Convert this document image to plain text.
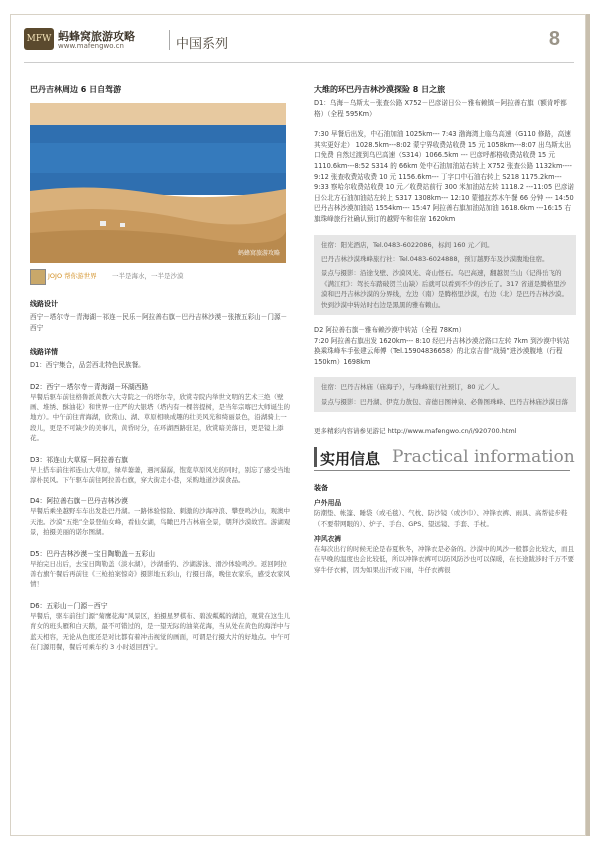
MFW 蚂蜂窝旅游攻略
www.mafengwo.cn	中国系列	8

巴丹吉林周边 6 日自驾游

蚂蜂窝旅游攻略
JOJO 帮你游世界 一半是海水，一半是沙漠

线路设计

西宁－塔尔寺－青海湖－祁连－民乐－阿拉善右旗－巴丹吉林沙漠－张掖五彩山－门源－西宁

线路详情

D1：西宁集合，品尝西北特色民族餐。

D2：西宁－塔尔寺－青海湖－环湖西路

早餐后驱车前往格鲁派黄教六大寺院之一的塔尔寺，欣赏寺院内举世文明的艺术三绝（壁画、堆绣、酥油花）和世界一庄严的大银塔（塔内有一棵菩提树，是当年宗喀巴大师诞生的地方）。中午前往青海湖，欣赏山、湖、草原相映成趣的壮美风光和绮丽景色，沿湖骑上一段儿，更是不可缺少的美事儿，黄昏时分，在环湖西路驻足，欣赏暗美落日，更是镜上添花。

D3：祁连山大草原－阿拉善右旗

早上搭车前往祁连山大草原，绿草萋萋，遇河潺潺，饱览草原风光的同时，别忘了感受当地淳朴民风。下午驱车前往阿拉善右旗，穿大街走小巷，采购地道沙漠食品。

D4：阿拉善右旗－巴丹吉林沙漠

早餐后乘坐越野车车出发赴巴丹湖。一路体验惊险、刺激的沙海冲浪、攀登鸣沙山，观澳中天池。沙漠“五绝”全景登仙女峰，看仙女湖，鸟瞰巴丹吉林庙全景，朝拜沙漠故宫。游湖观景，拍摄美丽的诺尔图湖。

D5：巴丹吉林沙漠－宝日陶勒盖－五彩山

早拍完日出后，去宝日陶勒盖（淡水湖），沙湖垂钓、沙湖游泳、滑沙体验鸣沙。返回阿拉善右旗午餐后再前往《三枪拍案惊奇》摄影地五彩山，行摄日落，晚住农家乐，感受农家风情！

D6：五彩山－门源－西宁

早餐后，驱车前往门源“菊鹰花海”风景区，拍摄星罗棋布、碧波粼粼的湖泊，观赏在这生儿育女的班头雁和白天鹅，最不可错过的，是一望无际的油菜花海，当从处在黄色的海洋中与蓝天相容，无论从色度还是对比都有着冲击视觉的画面，可谓是行摄大片的好地点。中午可在门源用餐，餐后可乘车约 3 小时返回西宁。

大维的环巴丹吉林沙漠探险 8 日之旅

D1：乌海－乌斯太－张查公路 X752－巴彦诺日公－雅布赖镇－阿拉善右旗（额肯呼都格）（全程 595Km）

7:30 早餐后出发，中石油加油 1025km--- 7:43 渤海湾上临乌高速（G110 修路，高速其实更好走） 1028.5km---8:02 蒙宁界收费站收费 15 元 1058km---8:07 出乌斯太出口免费 自然过渡到乌巴高速（S314）1066.5km --- 巴彦呼都格收费站收费 15 元 1110.6km---8:52 S314 的 66km 处中石油加油站右转上 X752 张查公路 1132km---- 9:12 张查收费站收费 10 元 1156.6km--- 丁字口中石油右转上 S218 1175.2km--- 9:33 察哈尔收费站收费 10 元／收费站前行 300 米加油站左转 1118.2 ---11:05 巴彦诺日公北方石油加油站左转上 S317 1308km--- 12:10 蒙德拉苏木午餐 66 分钟 --- 14:50 巴丹吉林沙漠加油站 1554km--- 15:47 阿拉善右旗加油站加油 1618.6km ---16:15 右旗珠峰旅行社确认预订的越野车和住宿 1620km

住宿：阳光酒店，Tel.0483-6022086，标间 160 元／间。

巴丹吉林沙漠珠峰旅行社：Tel.0483-6024888，预订越野车及沙漠腹地住宿。

景点与摄影：沿途戈壁、沙漠风光、奇山怪石。乌巴高速，翻越贺兰山（记得岳飞的《满江红》：驾长车踏破贺兰山缺）后就可以看到不少的沙丘了。317 省道是腾格里沙漠和巴丹吉林沙漠的分界线，左边（南）是腾格里沙漠，右边（北）是巴丹吉林沙漠。快到沙漠中转站时右边是黑黑的雅布赖山。

D2 阿拉善右旗－雅布赖沙漠中转站（全程 78Km）

7:20 阿拉善右旗出发 1620km--- 8:10 经巴丹吉林沙漠岔路口左转 7km 到沙漠中转站换乘珠峰车手张建云师傅（Tel.15904836658）的北京吉普“战骑”进沙漠腹地（行程 150km）1698km

住宿：巴丹吉林庙（庙海子），与珠峰旅行社预订，80 元／人。

景点与摄影：巴丹湖、伊克力敖包、音德日图神泉、必鲁图珠峰、巴丹吉林庙沙漠日落

更多精彩内容请参见游记 http://www.mafengwo.cn/i/920700.html

实用信息 Practical information

装备

户外用品

防潮垫、帐篷、睡袋（或毛毯）、气枕、防沙镜（或沙巾）、冲锋衣裤、雨具、高帮徒步鞋（不要带网眼的）、炉子、手台、GPS、望远镜、手套、手杖。

冲风衣裤

在每次出行的时候无论是春夏秋冬，冲锋衣是必备的。沙漠中的风沙一般都会比较大，而且在早晚的温度也会比较低，所以冲锋衣裤可以防风防沙也可以保暖，在长途跋涉时千万不要穿牛仔衣裤，因为如果出汗或下雨，牛仔衣裤很
